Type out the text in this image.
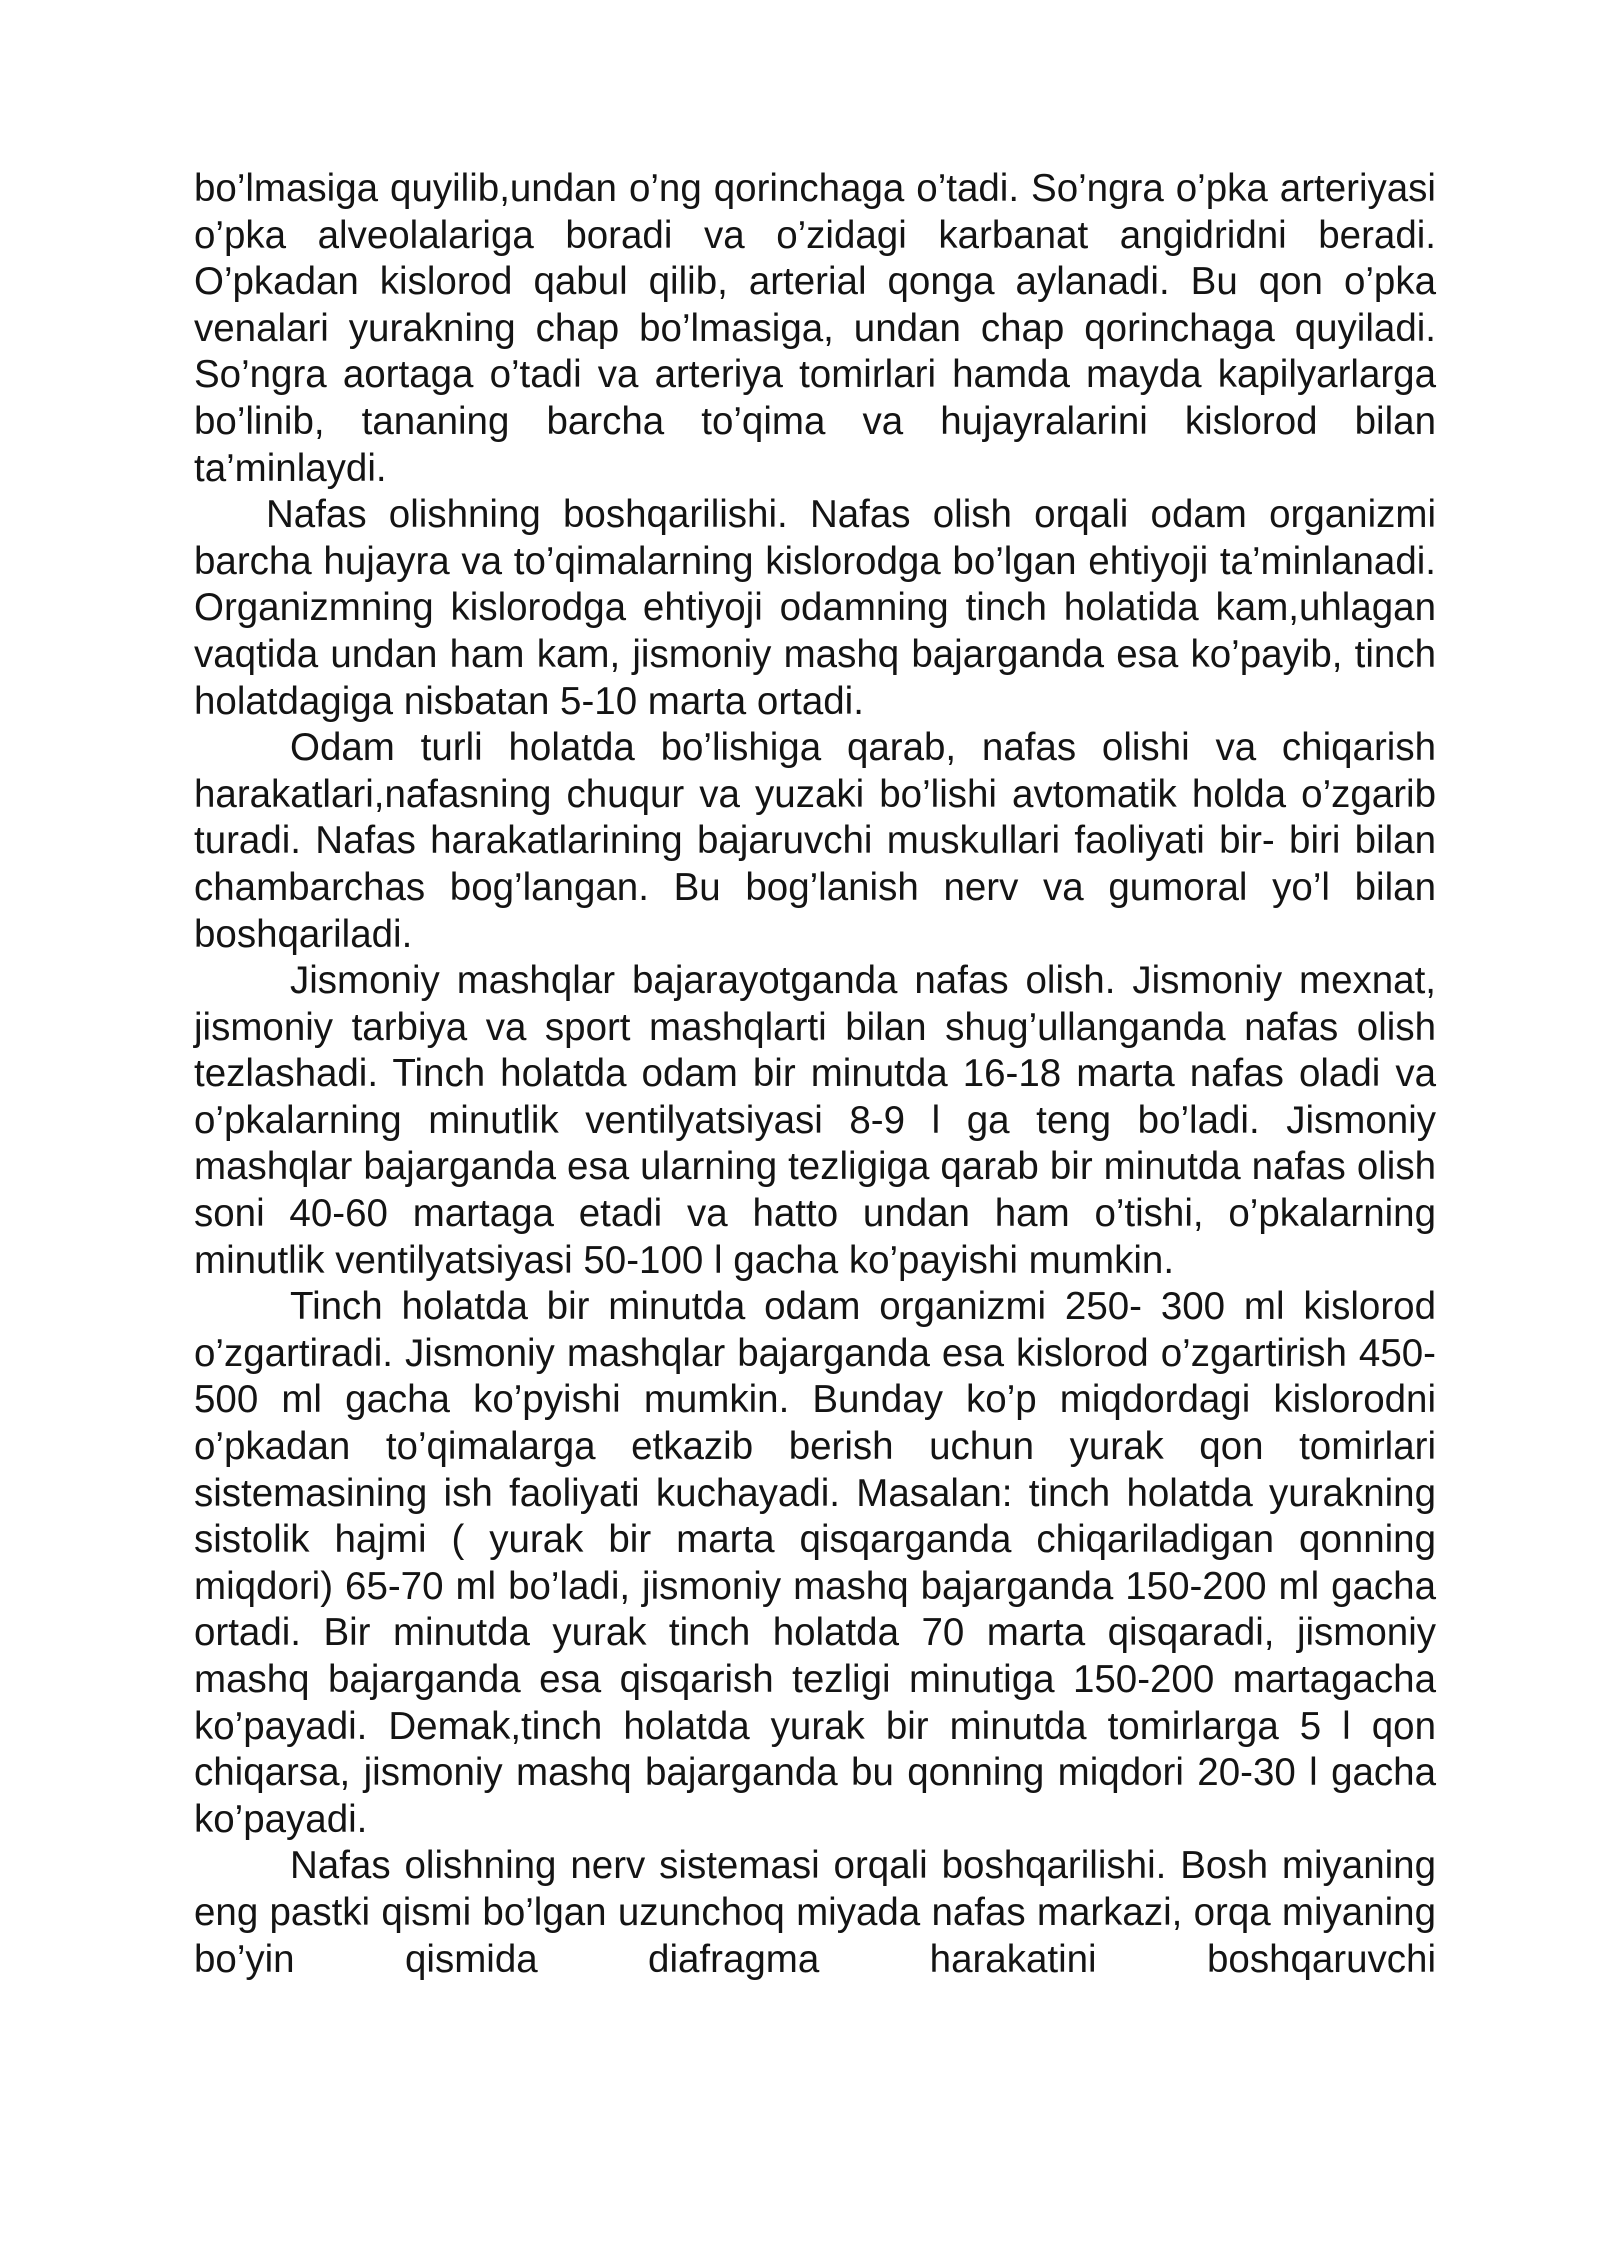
bo’lmasiga quyilib,undan o’ng qorinchaga o’tadi. So’ngra o’pka arteriyasi o’pka alveolalariga boradi va o’zidagi karbanat angidridni beradi. O’pkadan kislorod qabul qilib, arterial qonga aylanadi. Bu qon o’pka venalari yurakning chap bo’lmasiga, undan chap qorinchaga quyiladi. So’ngra aortaga o’tadi va arteriya tomirlari hamda mayda kapilyarlarga bo’linib, tananing barcha to’qima va hujayralarini kislorod bilan ta’minlaydi.

Nafas olishning boshqarilishi. Nafas olish orqali odam organizmi barcha hujayra va to’qimalarning kislorodga bo’lgan ehtiyoji ta’minlanadi. Organizmning kislorodga ehtiyoji odamning tinch holatida kam,uhlagan vaqtida undan ham kam, jismoniy mashq bajarganda esa ko’payib, tinch holatdagiga nisbatan 5-10 marta ortadi.

Odam turli holatda bo’lishiga qarab, nafas olishi va chiqarish harakatlari,nafasning chuqur va yuzaki bo’lishi avtomatik holda o’zgarib turadi. Nafas harakatlarining bajaruvchi muskullari faoliyati bir- biri bilan chambarchas bog’langan. Bu bog’lanish nerv va gumoral yo’l bilan boshqariladi.

Jismoniy mashqlar bajarayotganda nafas olish. Jismoniy mexnat, jismoniy tarbiya va sport mashqlarti bilan shug’ullanganda nafas olish tezlashadi. Tinch holatda odam bir minutda 16-18 marta nafas oladi va o’pkalarning minutlik ventilyatsiyasi 8-9 l ga teng bo’ladi. Jismoniy mashqlar bajarganda esa ularning tezligiga qarab bir minutda nafas olish soni 40-60 martaga etadi va hatto undan ham o’tishi, o’pkalarning minutlik ventilyatsiyasi 50-100 l gacha ko’payishi mumkin.

Tinch holatda bir minutda odam organizmi 250- 300 ml kislorod o’zgartiradi. Jismoniy mashqlar bajarganda esa kislorod o’zgartirish 450-500 ml gacha ko’pyishi mumkin. Bunday ko’p miqdordagi kislorodni o’pkadan to’qimalarga etkazib berish uchun yurak qon tomirlari sistemasining ish faoliyati kuchayadi. Masalan: tinch holatda yurakning sistolik hajmi ( yurak bir marta qisqarganda chiqariladigan qonning miqdori) 65-70 ml bo’ladi, jismoniy mashq bajarganda 150-200 ml gacha ortadi. Bir minutda yurak tinch holatda 70 marta qisqaradi, jismoniy mashq bajarganda esa qisqarish tezligi minutiga 150-200 martagacha ko’payadi. Demak,tinch holatda yurak bir minutda tomirlarga 5 l qon chiqarsa, jismoniy mashq bajarganda bu qonning miqdori 20-30 l gacha ko’payadi.

Nafas olishning nerv sistemasi orqali boshqarilishi. Bosh miyaning eng pastki qismi bo’lgan uzunchoq miyada nafas markazi, orqa miyaning bo’yin qismida diafragma harakatini boshqaruvchi
